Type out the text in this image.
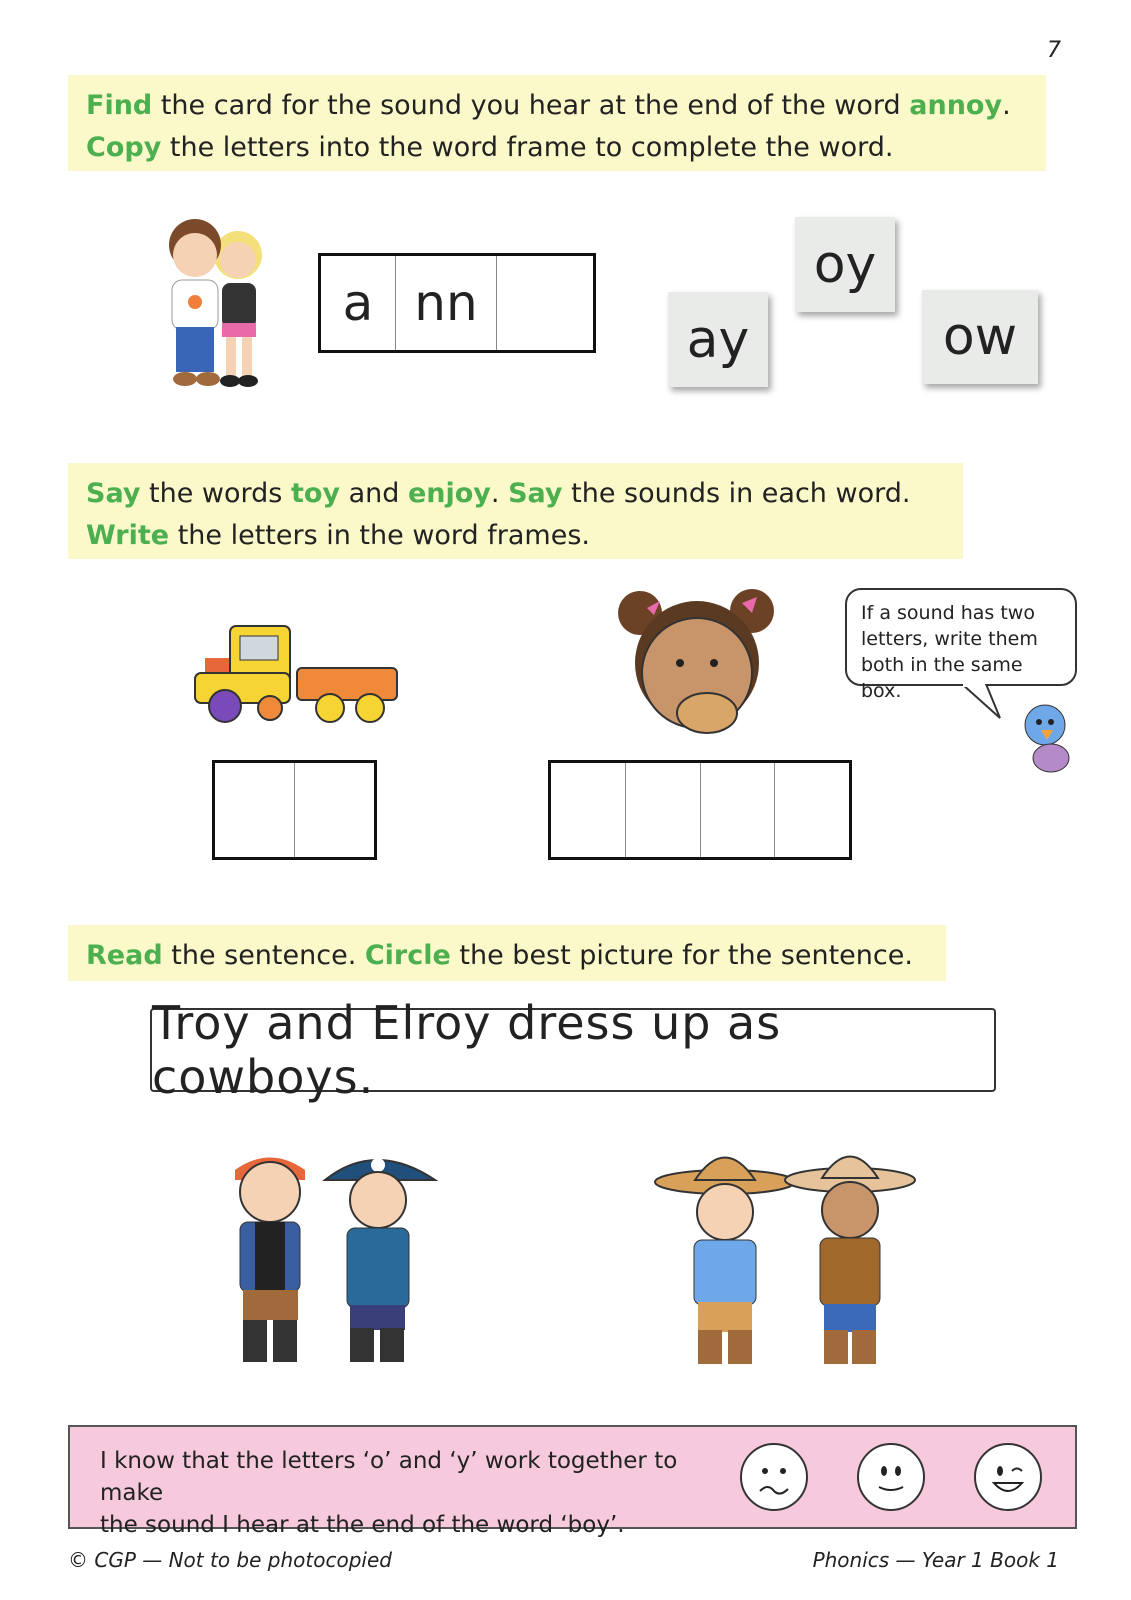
7
Find the card for the sound you hear at the end of the word annoy.
Copy the letters into the word frame to complete the word.
a nn
oy
ay	ow
Say the words toy and enjoy. Say the sounds in each word.
Write the letters in the word frames.
If a sound has two letters, write them both in the same box.
Read the sentence. Circle the best picture for the sentence.
Troy and Elroy dress up as cowboys.
I know that the letters ‘o’ and ‘y’ work together to make
the sound I hear at the end of the word ‘boy’.
© CGP — Not to be photocopied	Phonics — Year 1 Book 1
